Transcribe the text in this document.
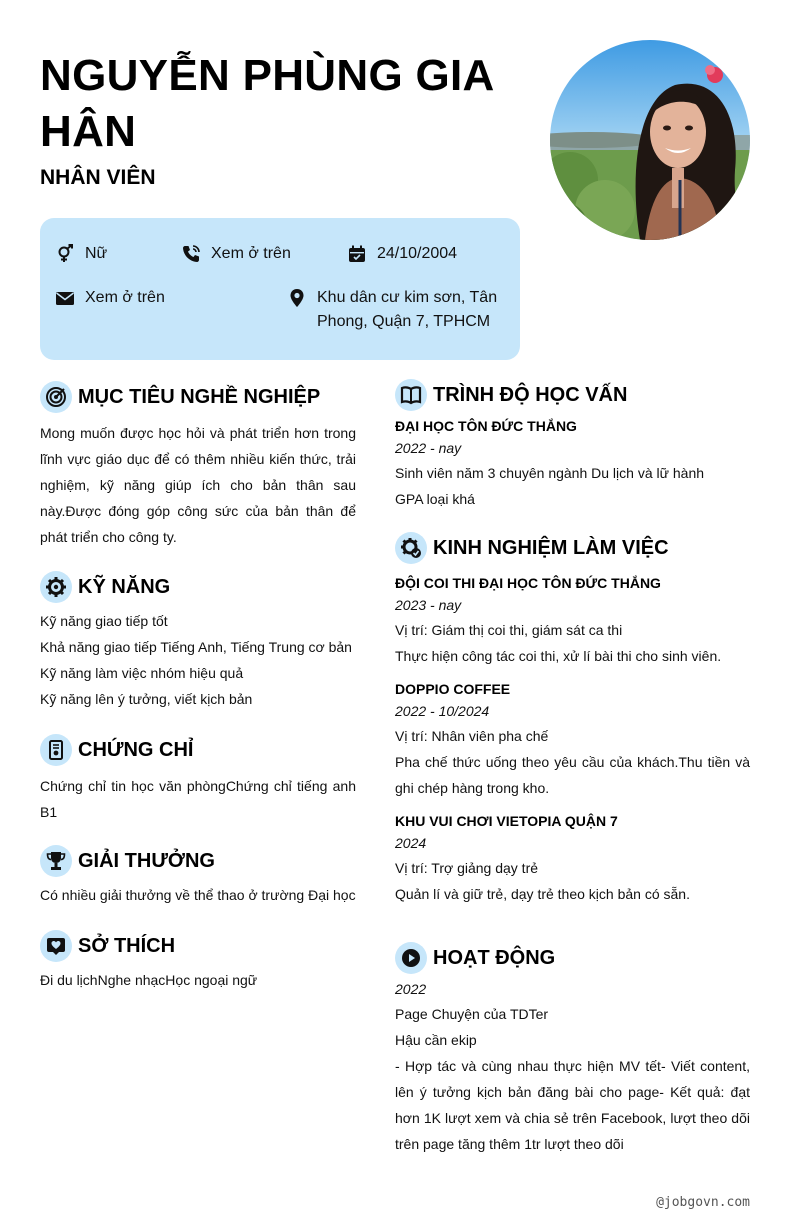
NGUYỄN PHÙNG GIA HÂN
NHÂN VIÊN
Nữ	Xem ở trên	24/10/2004
Xem ở trên	Khu dân cư kim sơn, Tân Phong, Quận 7, TPHCM
MỤC TIÊU NGHỀ NGHIỆP
Mong muốn được học hỏi và phát triển hơn trong lĩnh vực giáo dục để có thêm nhiều kiến thức, trải nghiệm, kỹ năng giúp ích cho bản thân sau này.Được đóng góp công sức của bản thân để phát triển cho công ty.
KỸ NĂNG
Kỹ năng giao tiếp tốt
Khả năng giao tiếp Tiếng Anh, Tiếng Trung cơ bản
Kỹ năng làm việc nhóm hiệu quả
Kỹ năng lên ý tưởng, viết kịch bản
CHỨNG CHỈ
Chứng chỉ tin học văn phòngChứng chỉ tiếng anh B1
GIẢI THƯỞNG
Có nhiều giải thưởng về thể thao ở trường Đại học
SỞ THÍCH
Đi du lịchNghe nhạcHọc ngoại ngữ
TRÌNH ĐỘ HỌC VẤN
ĐẠI HỌC TÔN ĐỨC THẮNG
2022 - nay
Sinh viên năm 3 chuyên ngành Du lịch và lữ hành
GPA loại khá
KINH NGHIỆM LÀM VIỆC
ĐỘI COI THI ĐẠI HỌC TÔN ĐỨC THẮNG
2023 - nay
Vị trí: Giám thị coi thi, giám sát ca thi
Thực hiện công tác coi thi, xử lí bài thi cho sinh viên.
DOPPIO COFFEE
2022 - 10/2024
Vị trí: Nhân viên pha chế
Pha chế thức uống theo yêu cầu của khách.Thu tiền và ghi chép hàng trong kho.
KHU VUI CHƠI VIETOPIA QUẬN 7
2024
Vị trí: Trợ giảng dạy trẻ
Quản lí và giữ trẻ, dạy trẻ theo kịch bản có sẵn.
HOẠT ĐỘNG
2022
Page Chuyện của TDTer
Hậu cần ekip
- Hợp tác và cùng nhau thực hiện MV tết- Viết content, lên ý tưởng kịch bản đăng bài cho page- Kết quả: đạt hơn 1K lượt xem và chia sẻ trên Facebook, lượt theo dõi trên page tăng thêm 1tr lượt theo dõi
@jobgovn.com
